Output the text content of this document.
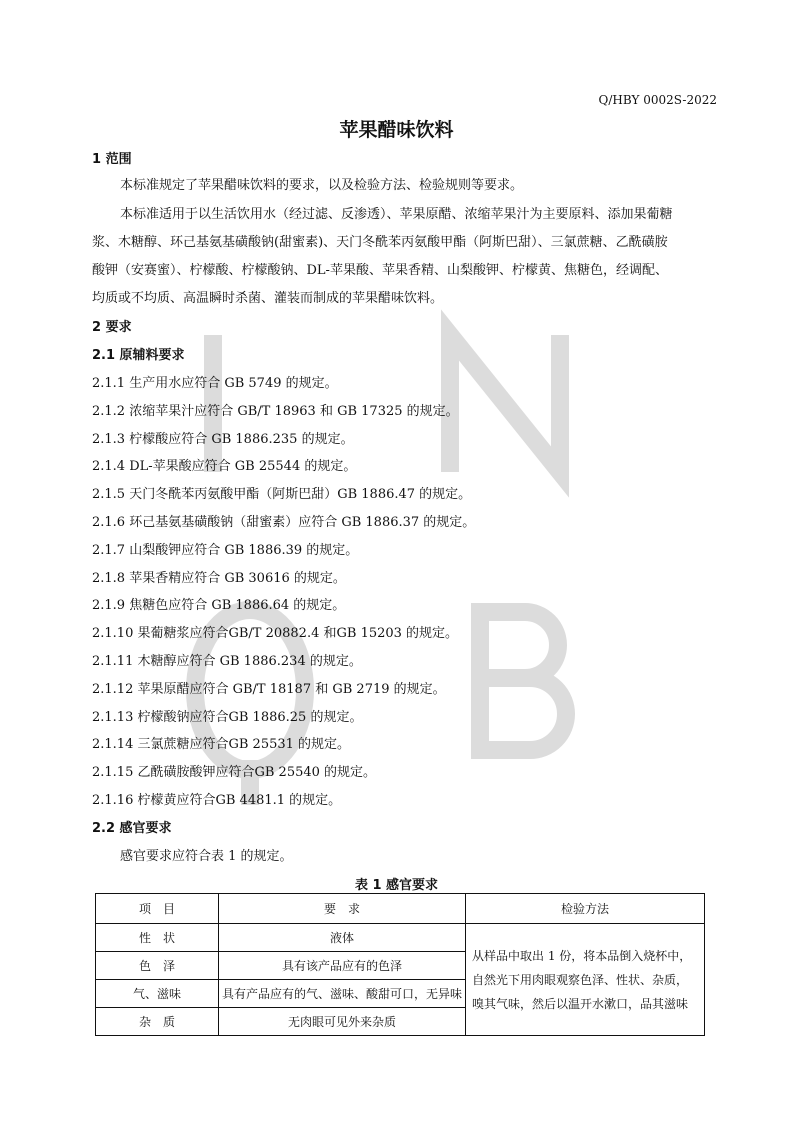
Q/HBY 0002S-2022
苹果醋味饮料
1 范围
本标准规定了苹果醋味饮料的要求，以及检验方法、检验规则等要求。
本标准适用于以生活饮用水（经过滤、反渗透）、苹果原醋、浓缩苹果汁为主要原料、添加果葡糖
浆、木糖醇、环己基氨基磺酸钠(甜蜜素)、天门冬酰苯丙氨酸甲酯（阿斯巴甜）、三氯蔗糖、乙酰磺胺
酸钾（安赛蜜）、柠檬酸、柠檬酸钠、DL-苹果酸、苹果香精、山梨酸钾、柠檬黄、焦糖色，经调配、
均质或不均质、高温瞬时杀菌、灌装而制成的苹果醋味饮料。
2 要求
2.1 原辅料要求
2.1.1 生产用水应符合 GB 5749 的规定。
2.1.2 浓缩苹果汁应符合 GB/T 18963 和 GB 17325 的规定。
2.1.3 柠檬酸应符合 GB 1886.235 的规定。
2.1.4 DL-苹果酸应符合 GB 25544 的规定。
2.1.5 天门冬酰苯丙氨酸甲酯（阿斯巴甜）GB 1886.47 的规定。
2.1.6 环己基氨基磺酸钠（甜蜜素）应符合 GB 1886.37 的规定。
2.1.7 山梨酸钾应符合 GB 1886.39 的规定。
2.1.8 苹果香精应符合 GB 30616 的规定。
2.1.9 焦糖色应符合 GB 1886.64 的规定。
2.1.10 果葡糖浆应符合GB/T 20882.4 和GB 15203 的规定。
2.1.11 木糖醇应符合 GB 1886.234 的规定。
2.1.12 苹果原醋应符合 GB/T 18187 和 GB 2719 的规定。
2.1.13 柠檬酸钠应符合GB 1886.25 的规定。
2.1.14 三氯蔗糖应符合GB 25531 的规定。
2.1.15 乙酰磺胺酸钾应符合GB 25540 的规定。
2.1.16 柠檬黄应符合GB 4481.1 的规定。
2.2 感官要求
感官要求应符合表 1 的规定。
表 1 感官要求
项　目	要　求	检验方法
性　状	液体	从样品中取出 1 份，将本品倒入烧杯中，自然光下用肉眼观察色泽、性状、杂质，嗅其气味，然后以温开水漱口，品其滋味
色　泽	具有该产品应有的色泽	
气、滋味	具有产品应有的气、滋味、酸甜可口，无异味	
杂　质	无肉眼可见外来杂质	
